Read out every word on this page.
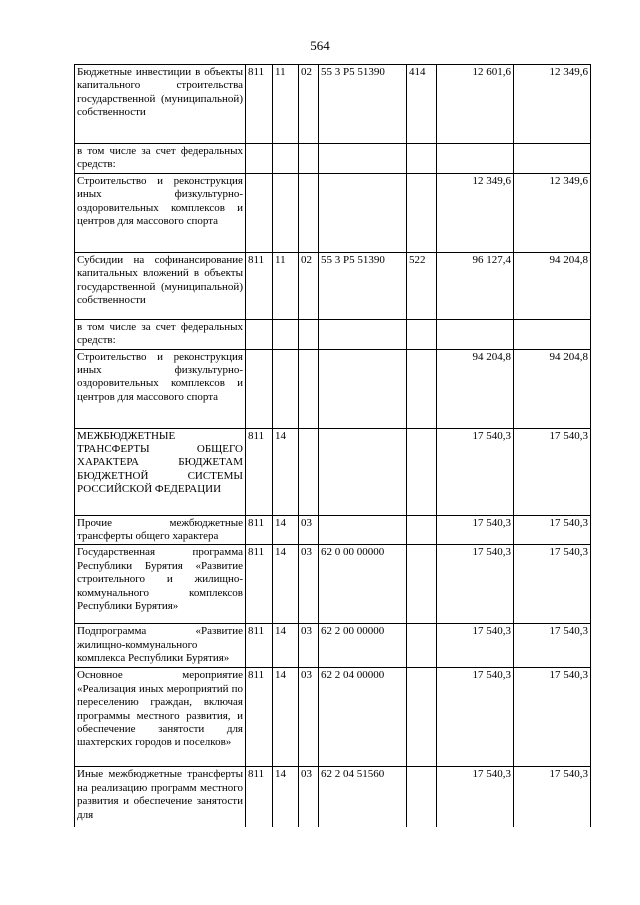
564
Бюджетные инвестиции в объекты капитального строительства государственной (муниципальной) собственности	811	11	02	55 3 P5 51390	414	12 601,6	12 349,6
в том числе за счет федеральных средств:							
Строительство и реконструкция иных физкультурно-оздоровительных комплексов и центров для массового спорта						12 349,6	12 349,6
Субсидии на софинансирование капитальных вложений в объекты государственной (муниципальной) собственности	811	11	02	55 3 P5 51390	522	96 127,4	94 204,8
в том числе за счет федеральных средств:							
Строительство и реконструкция иных физкультурно-оздоровительных комплексов и центров для массового спорта						94 204,8	94 204,8
МЕЖБЮДЖЕТНЫЕ ТРАНСФЕРТЫ ОБЩЕГО ХАРАКТЕРА БЮДЖЕТАМ БЮДЖЕТНОЙ СИСТЕМЫ РОССИЙСКОЙ ФЕДЕРАЦИИ	811	14				17 540,3	17 540,3
Прочие межбюджетные трансферты общего характера	811	14	03			17 540,3	17 540,3
Государственная программа Республики Бурятия «Развитие строительного и жилищно-коммунального комплексов Республики Бурятия»	811	14	03	62 0 00 00000		17 540,3	17 540,3
Подпрограмма «Развитие жилищно-коммунального комплекса Республики Бурятия»	811	14	03	62 2 00 00000		17 540,3	17 540,3
Основное мероприятие «Реализация иных мероприятий по переселению граждан, включая программы местного развития, и обеспечение занятости для шахтерских городов и поселков»	811	14	03	62 2 04 00000		17 540,3	17 540,3
Иные межбюджетные трансферты на реализацию программ местного развития и обеспечение занятости для	811	14	03	62 2 04 51560		17 540,3	17 540,3
